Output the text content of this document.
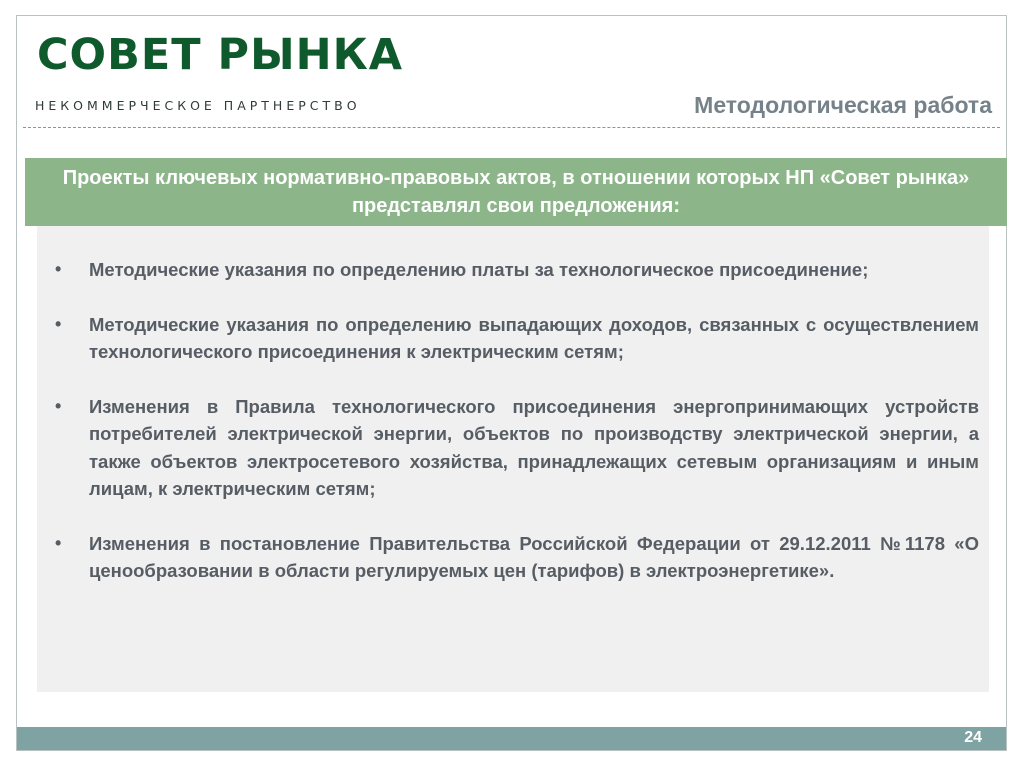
СОВЕТ РЫНКА
НЕКОММЕРЧЕСКОЕ ПАРТНЕРСТВО	Методологическая работа
Проекты ключевых нормативно-правовых актов, в отношении которых НП «Совет рынка» представлял свои предложения:
• Методические указания по определению платы за технологическое присоединение;
• Методические указания по определению выпадающих доходов, связанных с осуществлением технологического присоединения к электрическим сетям;
• Изменения в Правила технологического присоединения энергопринимающих устройств потребителей электрической энергии, объектов по производству электрической энергии, а также объектов электросетевого хозяйства, принадлежащих сетевым организациям и иным лицам, к электрическим сетям;
• Изменения в постановление Правительства Российской Федерации от 29.12.2011 №1178 «О ценообразовании в области регулируемых цен (тарифов) в электроэнергетике».
24
